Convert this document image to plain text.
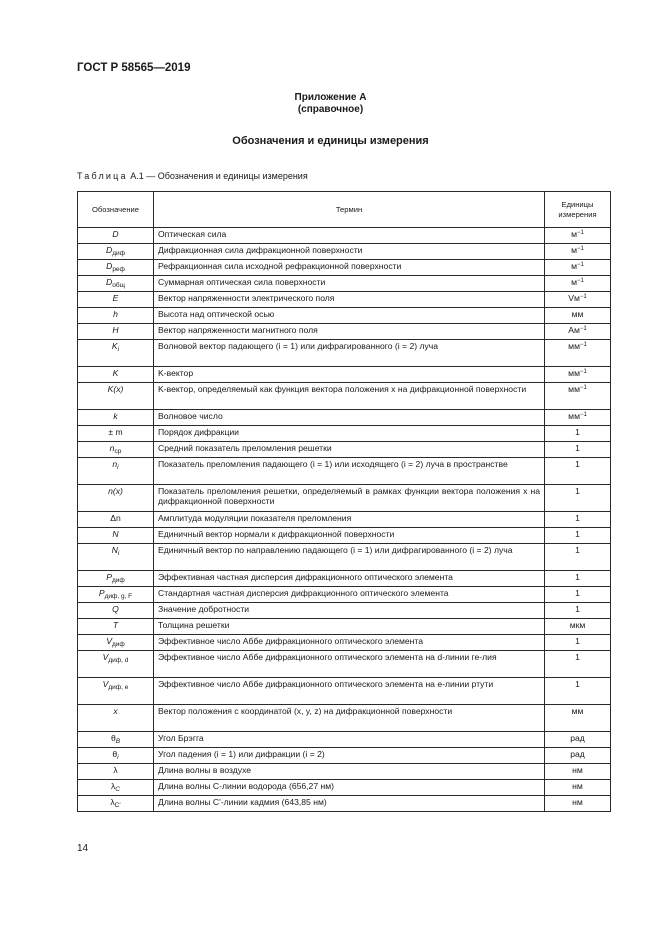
ГОСТ Р 58565—2019
Приложение А
(справочное)
Обозначения и единицы измерения
Таблица А.1 — Обозначения и единицы измерения
Обозначение	Термин	Единицы измерения
D	Оптическая сила	$м^{-1}$
$D_{диф}$	Дифракционная сила дифракционной поверхности	$м^{-1}$
$D_{реф}$	Рефракционная сила исходной рефракционной поверхности	$м^{-1}$
$D_{общ}$	Суммарная оптическая сила поверхности	$м^{-1}$
E	Вектор напряженности электрического поля	$Vм^{-1}$
h	Высота над оптической осью	мм
H	Вектор напряженности магнитного поля	$Ам^{-1}$
$K_i$	Волновой вектор падающего (i = 1) или дифрагированного (i = 2) луча	$мм^{-1}$
K	K-вектор	$мм^{-1}$
K(x)	K-вектор, определяемый как функция вектора положения x на дифракционной поверхности	$мм^{-1}$
k	Волновое число	$мм^{-1}$
± m	Порядок дифракции	1
$n_{ср}$	Средний показатель преломления решетки	1
$n_i$	Показатель преломления падающего (i = 1) или исходящего (i = 2) луча в пространстве	1
n(x)	Показатель преломления решетки, определяемый в рамках функции вектора положения x на дифракционной поверхности	1
Δn	Амплитуда модуляции показателя преломления	1
N	Единичный вектор нормали к дифракционной поверхности	1
$N_i$	Единичный вектор по направлению падающего (i = 1) или дифрагированного (i = 2) луча	1
$P_{диф}$	Эффективная частная дисперсия дифракционного оптического элемента	1
$P_{диф, g, F}$	Стандартная частная дисперсия дифракционного оптического элемента	1
Q	Значение добротности	1
T	Толщина решетки	мкм
$V_{диф}$	Эффективное число Аббе дифракционного оптического элемента	1
$V_{диф, d}$	Эффективное число Аббе дифракционного оптического элемента на d-линии ге-лия	1
$V_{диф, e}$	Эффективное число Аббе дифракционного оптического элемента на e-линии ртути	1
x	Вектор положения с координатой (x, y, z) на дифракционной поверхности	мм
$\theta_B$	Угол Брэгга	рад
$\theta_i$	Угол падения (i = 1) или дифракции (i = 2)	рад
λ	Длина волны в воздухе	нм
$\lambda_C$	Длина волны C-линии водорода (656,27 нм)	нм
$\lambda_{C'}$	Длина волны C'-линии кадмия (643,85 нм)	нм
14
